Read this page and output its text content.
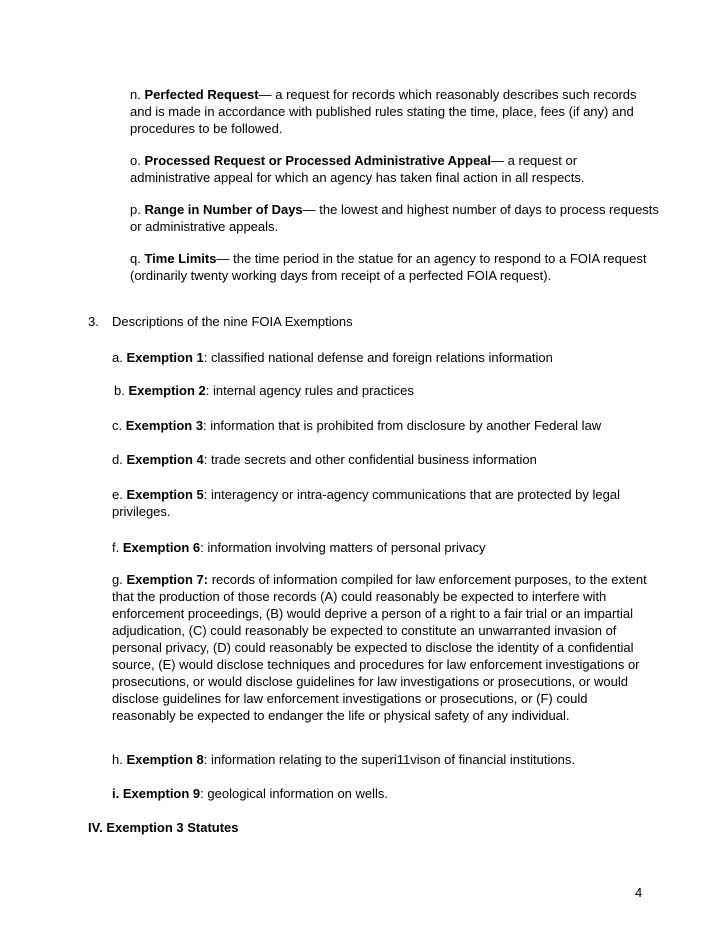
n. Perfected Request— a request for records which reasonably describes such records and is made in accordance with published rules stating the time, place, fees (if any) and procedures to be followed.

o. Processed Request or Processed Administrative Appeal— a request or administrative appeal for which an agency has taken final action in all respects.

p. Range in Number of Days— the lowest and highest number of days to process requests or administrative appeals.

q. Time Limits— the time period in the statue for an agency to respond to a FOIA request (ordinarily twenty working days from receipt of a perfected FOIA request).

3. Descriptions of the nine FOIA Exemptions

a. Exemption 1: classified national defense and foreign relations information

b. Exemption 2: internal agency rules and practices

c. Exemption 3: information that is prohibited from disclosure by another Federal law

d. Exemption 4: trade secrets and other confidential business information

e. Exemption 5: interagency or intra-agency communications that are protected by legal privileges.

f. Exemption 6: information involving matters of personal privacy

g. Exemption 7: records of information compiled for law enforcement purposes, to the extent that the production of those records (A) could reasonably be expected to interfere with enforcement proceedings, (B) would deprive a person of a right to a fair trial or an impartial adjudication, (C) could reasonably be expected to constitute an unwarranted invasion of personal privacy, (D) could reasonably be expected to disclose the identity of a confidential source, (E) would disclose techniques and procedures for law enforcement investigations or prosecutions, or would disclose guidelines for law investigations or prosecutions, or would disclose guidelines for law enforcement investigations or prosecutions, or (F) could reasonably be expected to endanger the life or physical safety of any individual.

h. Exemption 8: information relating to the superi11vison of financial institutions.

i. Exemption 9: geological information on wells.

IV. Exemption 3 Statutes
4
